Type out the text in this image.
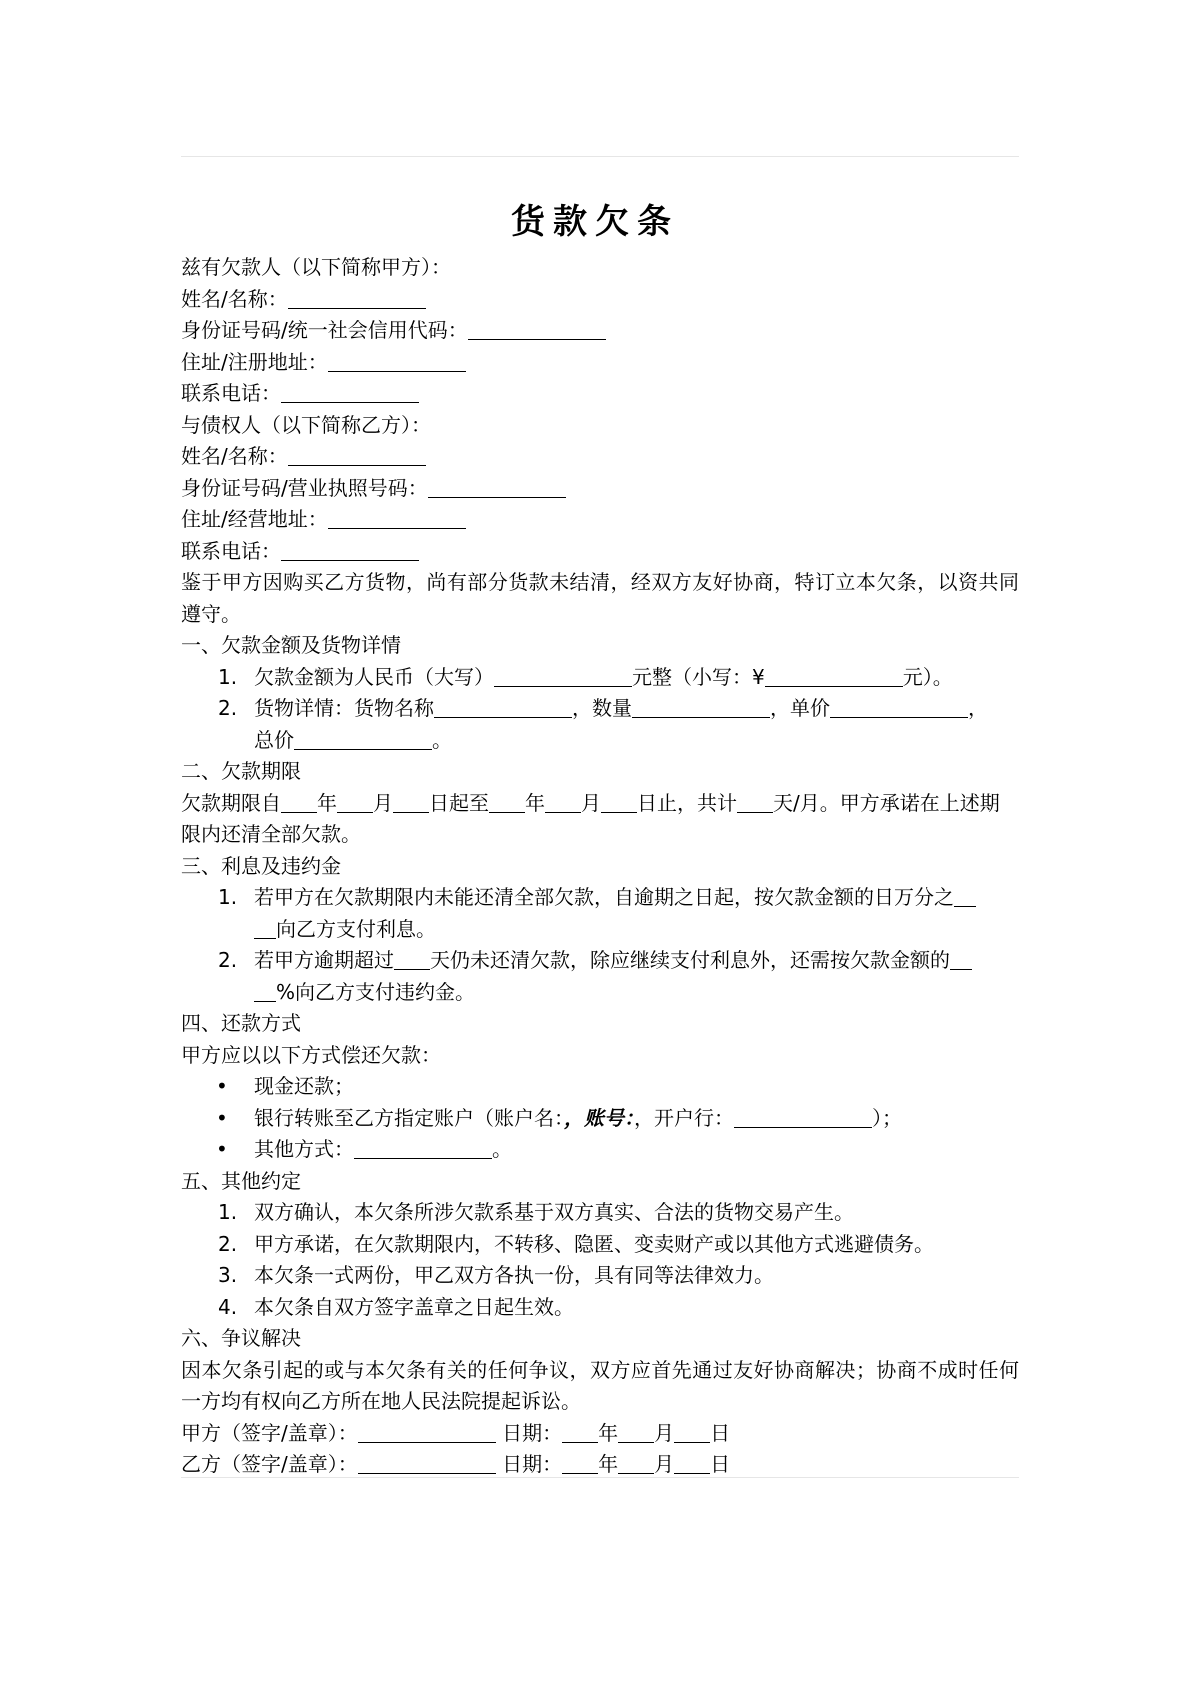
货款欠条

兹有欠款人（以下简称甲方）：

姓名/名称：

身份证号码/统一社会信用代码：

住址/注册地址：

联系电话：

与债权人（以下简称乙方）：

姓名/名称：

身份证号码/营业执照号码：

住址/经营地址：

联系电话：

鉴于甲方因购买乙方货物，尚有部分货款未结清，经双方友好协商，特订立本欠条，以资共同遵守。

一、欠款金额及货物详情

1. 欠款金额为人民币（大写）	元整（小写：¥	元）。
2. 货物详情：货物名称	，数量	，单价	，
总价	。

二、欠款期限

欠款期限自 年 月 日起至 年 月 日止，共计 天/月。甲方承诺在上述期限内还清全部欠款。

三、利息及违约金

1. 若甲方在欠款期限内未能还清全部欠款，自逾期之日起，按欠款金额的日万分之
向乙方支付利息。
2. 若甲方逾期超过 天仍未还清欠款，除应继续支付利息外，还需按欠款金额的
%向乙方支付违约金。

四、还款方式

甲方应以以下方式偿还欠款：

• 现金还款；
• 银行转账至乙方指定账户（账户名：，账号：，开户行：	）；
• 其他方式：	。

五、其他约定

1. 双方确认，本欠条所涉欠款系基于双方真实、合法的货物交易产生。
2. 甲方承诺，在欠款期限内，不转移、隐匿、变卖财产或以其他方式逃避债务。
3. 本欠条一式两份，甲乙双方各执一份，具有同等法律效力。
4. 本欠条自双方签字盖章之日起生效。

六、争议解决

因本欠条引起的或与本欠条有关的任何争议，双方应首先通过友好协商解决；协商不成时任何一方均有权向乙方所在地人民法院提起诉讼。

甲方（签字/盖章）：	日期： 年 月 日

乙方（签字/盖章）：	日期： 年 月 日
